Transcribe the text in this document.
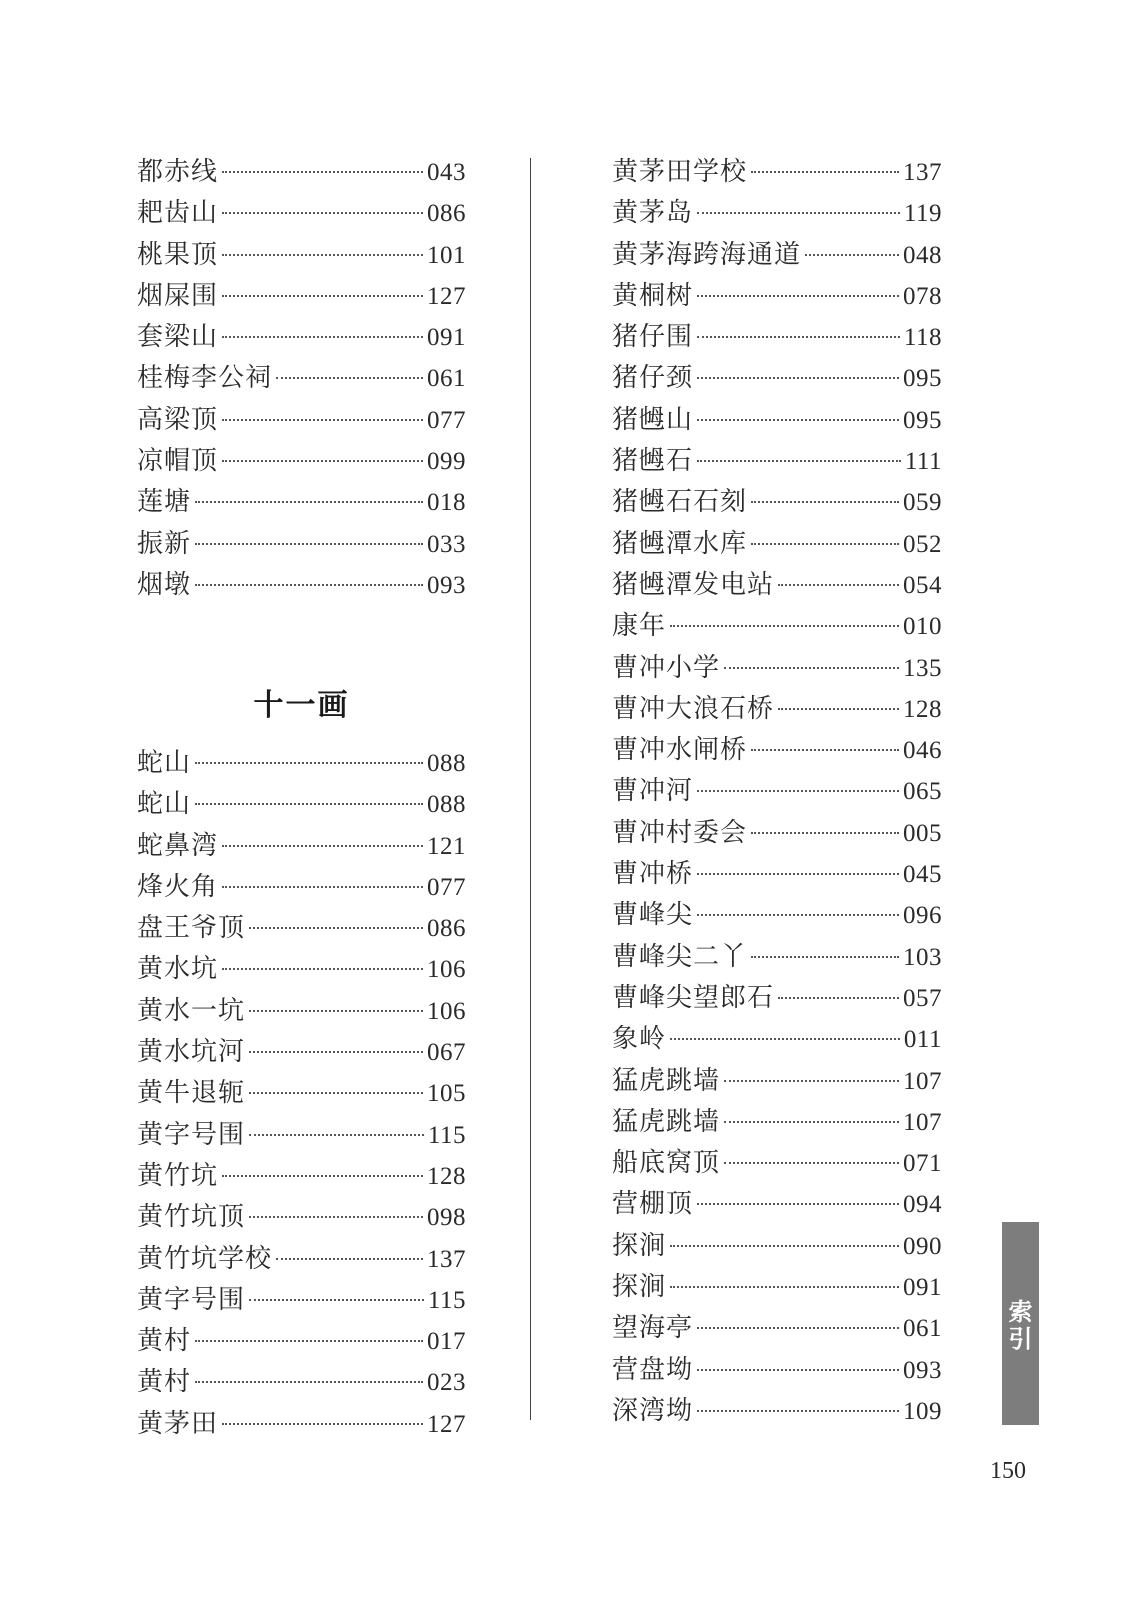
都赤线	043
耙齿山	086
桃果顶	101
烟屎围	127
套梁山	091
桂梅李公祠	061
高梁顶	077
凉帽顶	099
莲塘	018
振新	033
烟墩	093
十一画
蛇山	088
蛇山	088
蛇鼻湾	121
烽火角	077
盘王爷顶	086
黄水坑	106
黄水一坑	106
黄水坑河	067
黄牛退轭	105
黄字号围	115
黄竹坑	128
黄竹坑顶	098
黄竹坑学校	137
黄字号围	115
黄村	017
黄村	023
黄茅田	127
黄茅田学校	137
黄茅岛	119
黄茅海跨海通道	048
黄桐树	078
猪仔围	118
猪仔颈	095
猪乸山	095
猪乸石	111
猪乸石石刻	059
猪乸潭水库	052
猪乸潭发电站	054
康年	010
曹冲小学	135
曹冲大浪石桥	128
曹冲水闸桥	046
曹冲河	065
曹冲村委会	005
曹冲桥	045
曹峰尖	096
曹峰尖二丫	103
曹峰尖望郎石	057
象岭	011
猛虎跳墙	107
猛虎跳墙	107
船底窝顶	071
营棚顶	094
探涧	090
探涧	091
望海亭	061
营盘坳	093
深湾坳	109
索引
150
